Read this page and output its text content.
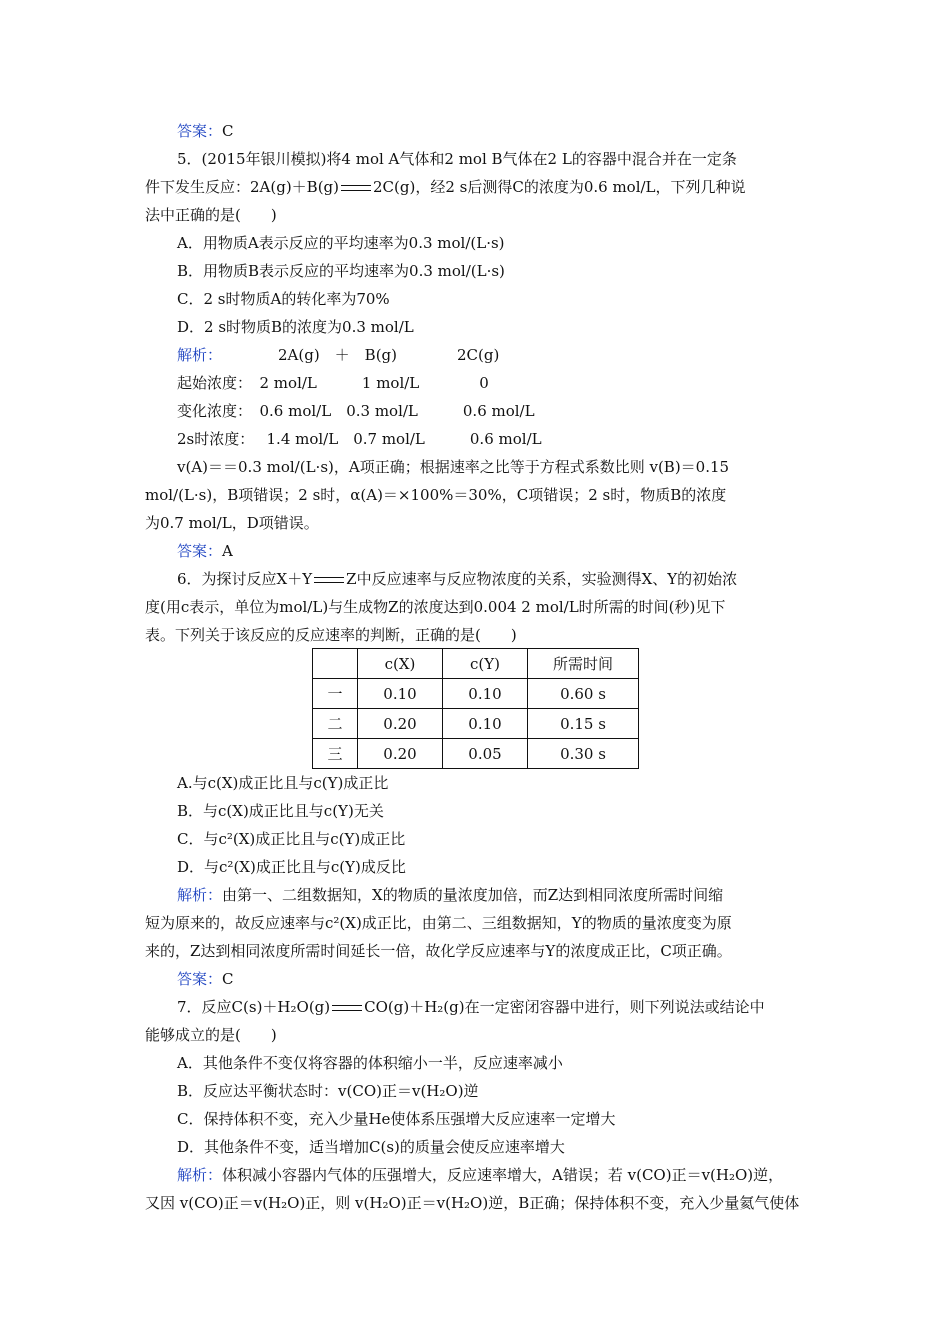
答案：C
5．(2015年银川模拟)将4 mol A气体和2 mol B气体在2 L的容器中混合并在一定条
件下发生反应：2A(g)＋B(g) 2C(g)，经2 s后测得C的浓度为0.6 mol/L，下列几种说
法中正确的是(　　)
A．用物质A表示反应的平均速率为0.3 mol/(L·s)
B．用物质B表示反应的平均速率为0.3 mol/(L·s)
C．2 s时物质A的转化率为70%
D．2 s时物质B的浓度为0.3 mol/L
解析：	2A(g)　＋　B(g)　　　　2C(g)
起始浓度：　2 mol/L　　　1 mol/L　　　　0
变化浓度：　0.6 mol/L　0.3 mol/L　　　0.6 mol/L
2s时浓度：　 1.4 mol/L　0.7 mol/L　　　0.6 mol/L
v(A)＝＝0.3 mol/(L·s)，A项正确；根据速率之比等于方程式系数比则 v(B)＝0.15
mol/(L·s)，B项错误；2 s时，α(A)＝×100%＝30%，C项错误；2 s时，物质B的浓度
为0.7 mol/L，D项错误。
答案：A
6．为探讨反应X＋Y Z中反应速率与反应物浓度的关系，实验测得X、Y的初始浓
度(用c表示，单位为mol/L)与生成物Z的浓度达到0.004 2 mol/L时所需的时间(秒)见下
表。下列关于该反应的反应速率的判断，正确的是(　　)
	c(X)	c(Y)	所需时间
一	0.10	0.10	0.60 s
二	0.20	0.10	0.15 s
三	0.20	0.05	0.30 s
A.与c(X)成正比且与c(Y)成正比
B．与c(X)成正比且与c(Y)无关
C．与c²(X)成正比且与c(Y)成正比
D．与c²(X)成正比且与c(Y)成反比
解析：由第一、二组数据知，X的物质的量浓度加倍，而Z达到相同浓度所需时间缩
短为原来的，故反应速率与c²(X)成正比，由第二、三组数据知，Y的物质的量浓度变为原
来的，Z达到相同浓度所需时间延长一倍，故化学反应速率与Y的浓度成正比，C项正确。
答案：C
7．反应C(s)＋H₂O(g) CO(g)＋H₂(g)在一定密闭容器中进行，则下列说法或结论中
能够成立的是(　　)
A．其他条件不变仅将容器的体积缩小一半，反应速率减小
B．反应达平衡状态时：v(CO)正＝v(H₂O)逆
C．保持体积不变，充入少量He使体系压强增大反应速率一定增大
D．其他条件不变，适当增加C(s)的质量会使反应速率增大
解析：体积减小容器内气体的压强增大，反应速率增大，A错误；若 v(CO)正＝v(H₂O)逆，
又因 v(CO)正＝v(H₂O)正，则 v(H₂O)正＝v(H₂O)逆，B正确；保持体积不变，充入少量氦气使体
